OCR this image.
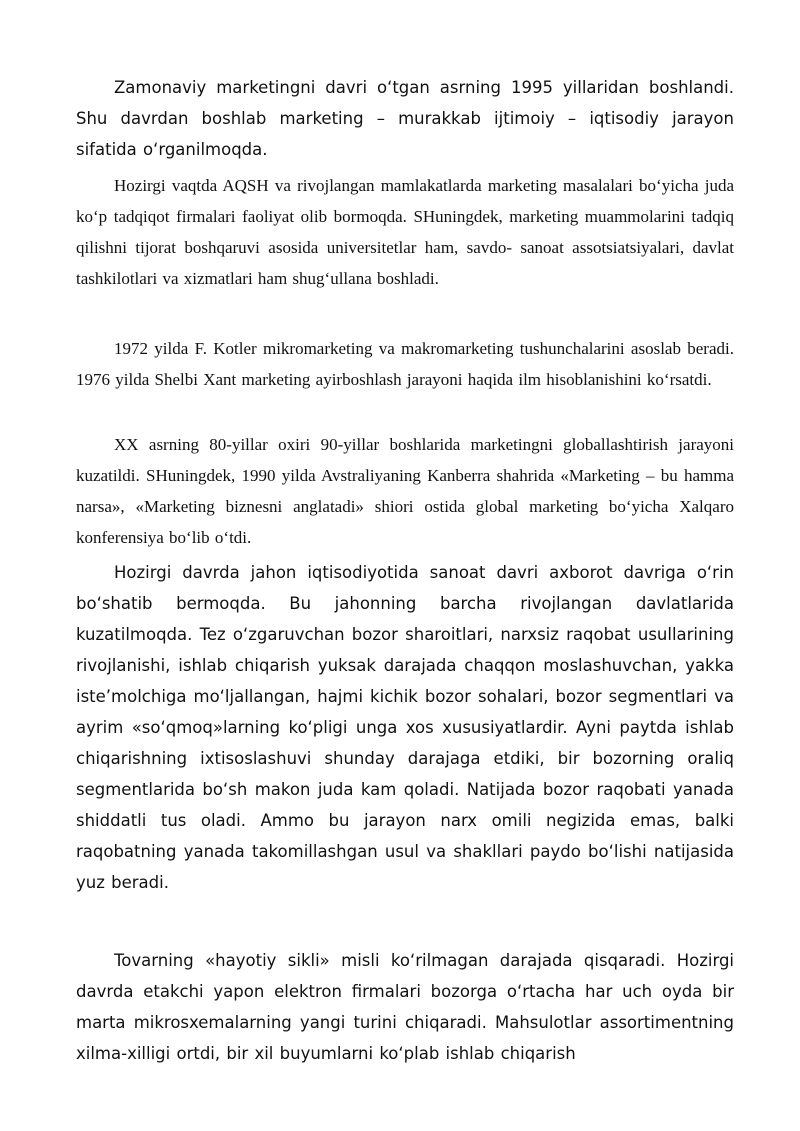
Zamonaviy marketingni davri o‘tgan asrning 1995 yillaridan boshlandi. Shu davrdan boshlab marketing – murakkab ijtimoiy – iqtisodiy jarayon sifatida o‘rganilmoqda.

Hozirgi vaqtda AQSH va rivojlangan mamlakatlarda marketing masalalari bo‘yicha juda ko‘p tadqiqot firmalari faoliyat olib bormoqda. SHuningdek, marketing muammolarini tadqiq qilishni tijorat boshqaruvi asosida universitetlar ham, savdo- sanoat assotsiatsiyalari, davlat tashkilotlari va xizmatlari ham shug‘ullana boshladi.

1972 yilda F. Kotler mikromarketing va makromarketing tushunchalarini asoslab beradi. 1976 yilda Shelbi Xant marketing ayirboshlash jarayoni haqida ilm hisoblanishini ko‘rsatdi.

XX asrning 80-yillar oxiri 90-yillar boshlarida marketingni globallashtirish jarayoni kuzatildi. SHuningdek, 1990 yilda Avstraliyaning Kanberra shahrida «Marketing – bu hamma narsa», «Marketing biznesni anglatadi» shiori ostida global marketing bo‘yicha Xalqaro konferensiya bo‘lib o‘tdi.

Hozirgi davrda jahon iqtisodiyotida sanoat davri axborot davriga o‘rin bo‘shatib bermoqda. Bu jahonning barcha rivojlangan davlatlarida kuzatilmoqda. Tez o‘zgaruvchan bozor sharoitlari, narxsiz raqobat usullarining rivojlanishi, ishlab chiqarish yuksak darajada chaqqon moslashuvchan, yakka iste’molchiga mo‘ljallangan, hajmi kichik bozor sohalari, bozor segmentlari va ayrim «so‘qmoq»larning ko‘pligi unga xos xususiyatlardir. Ayni paytda ishlab chiqarishning ixtisoslashuvi shunday darajaga etdiki, bir bozorning oraliq segmentlarida bo‘sh makon juda kam qoladi. Natijada bozor raqobati yanada shiddatli tus oladi. Ammo bu jarayon narx omili negizida emas, balki raqobatning yanada takomillashgan usul va shakllari paydo bo‘lishi natijasida yuz beradi.

Tovarning «hayotiy sikli» misli ko‘rilmagan darajada qisqaradi. Hozirgi davrda etakchi yapon elektron firmalari bozorga o‘rtacha har uch oyda bir marta mikrosxemalarning yangi turini chiqaradi. Mahsulotlar assortimentning xilma-xilligi ortdi, bir xil buyumlarni ko‘plab ishlab chiqarish
